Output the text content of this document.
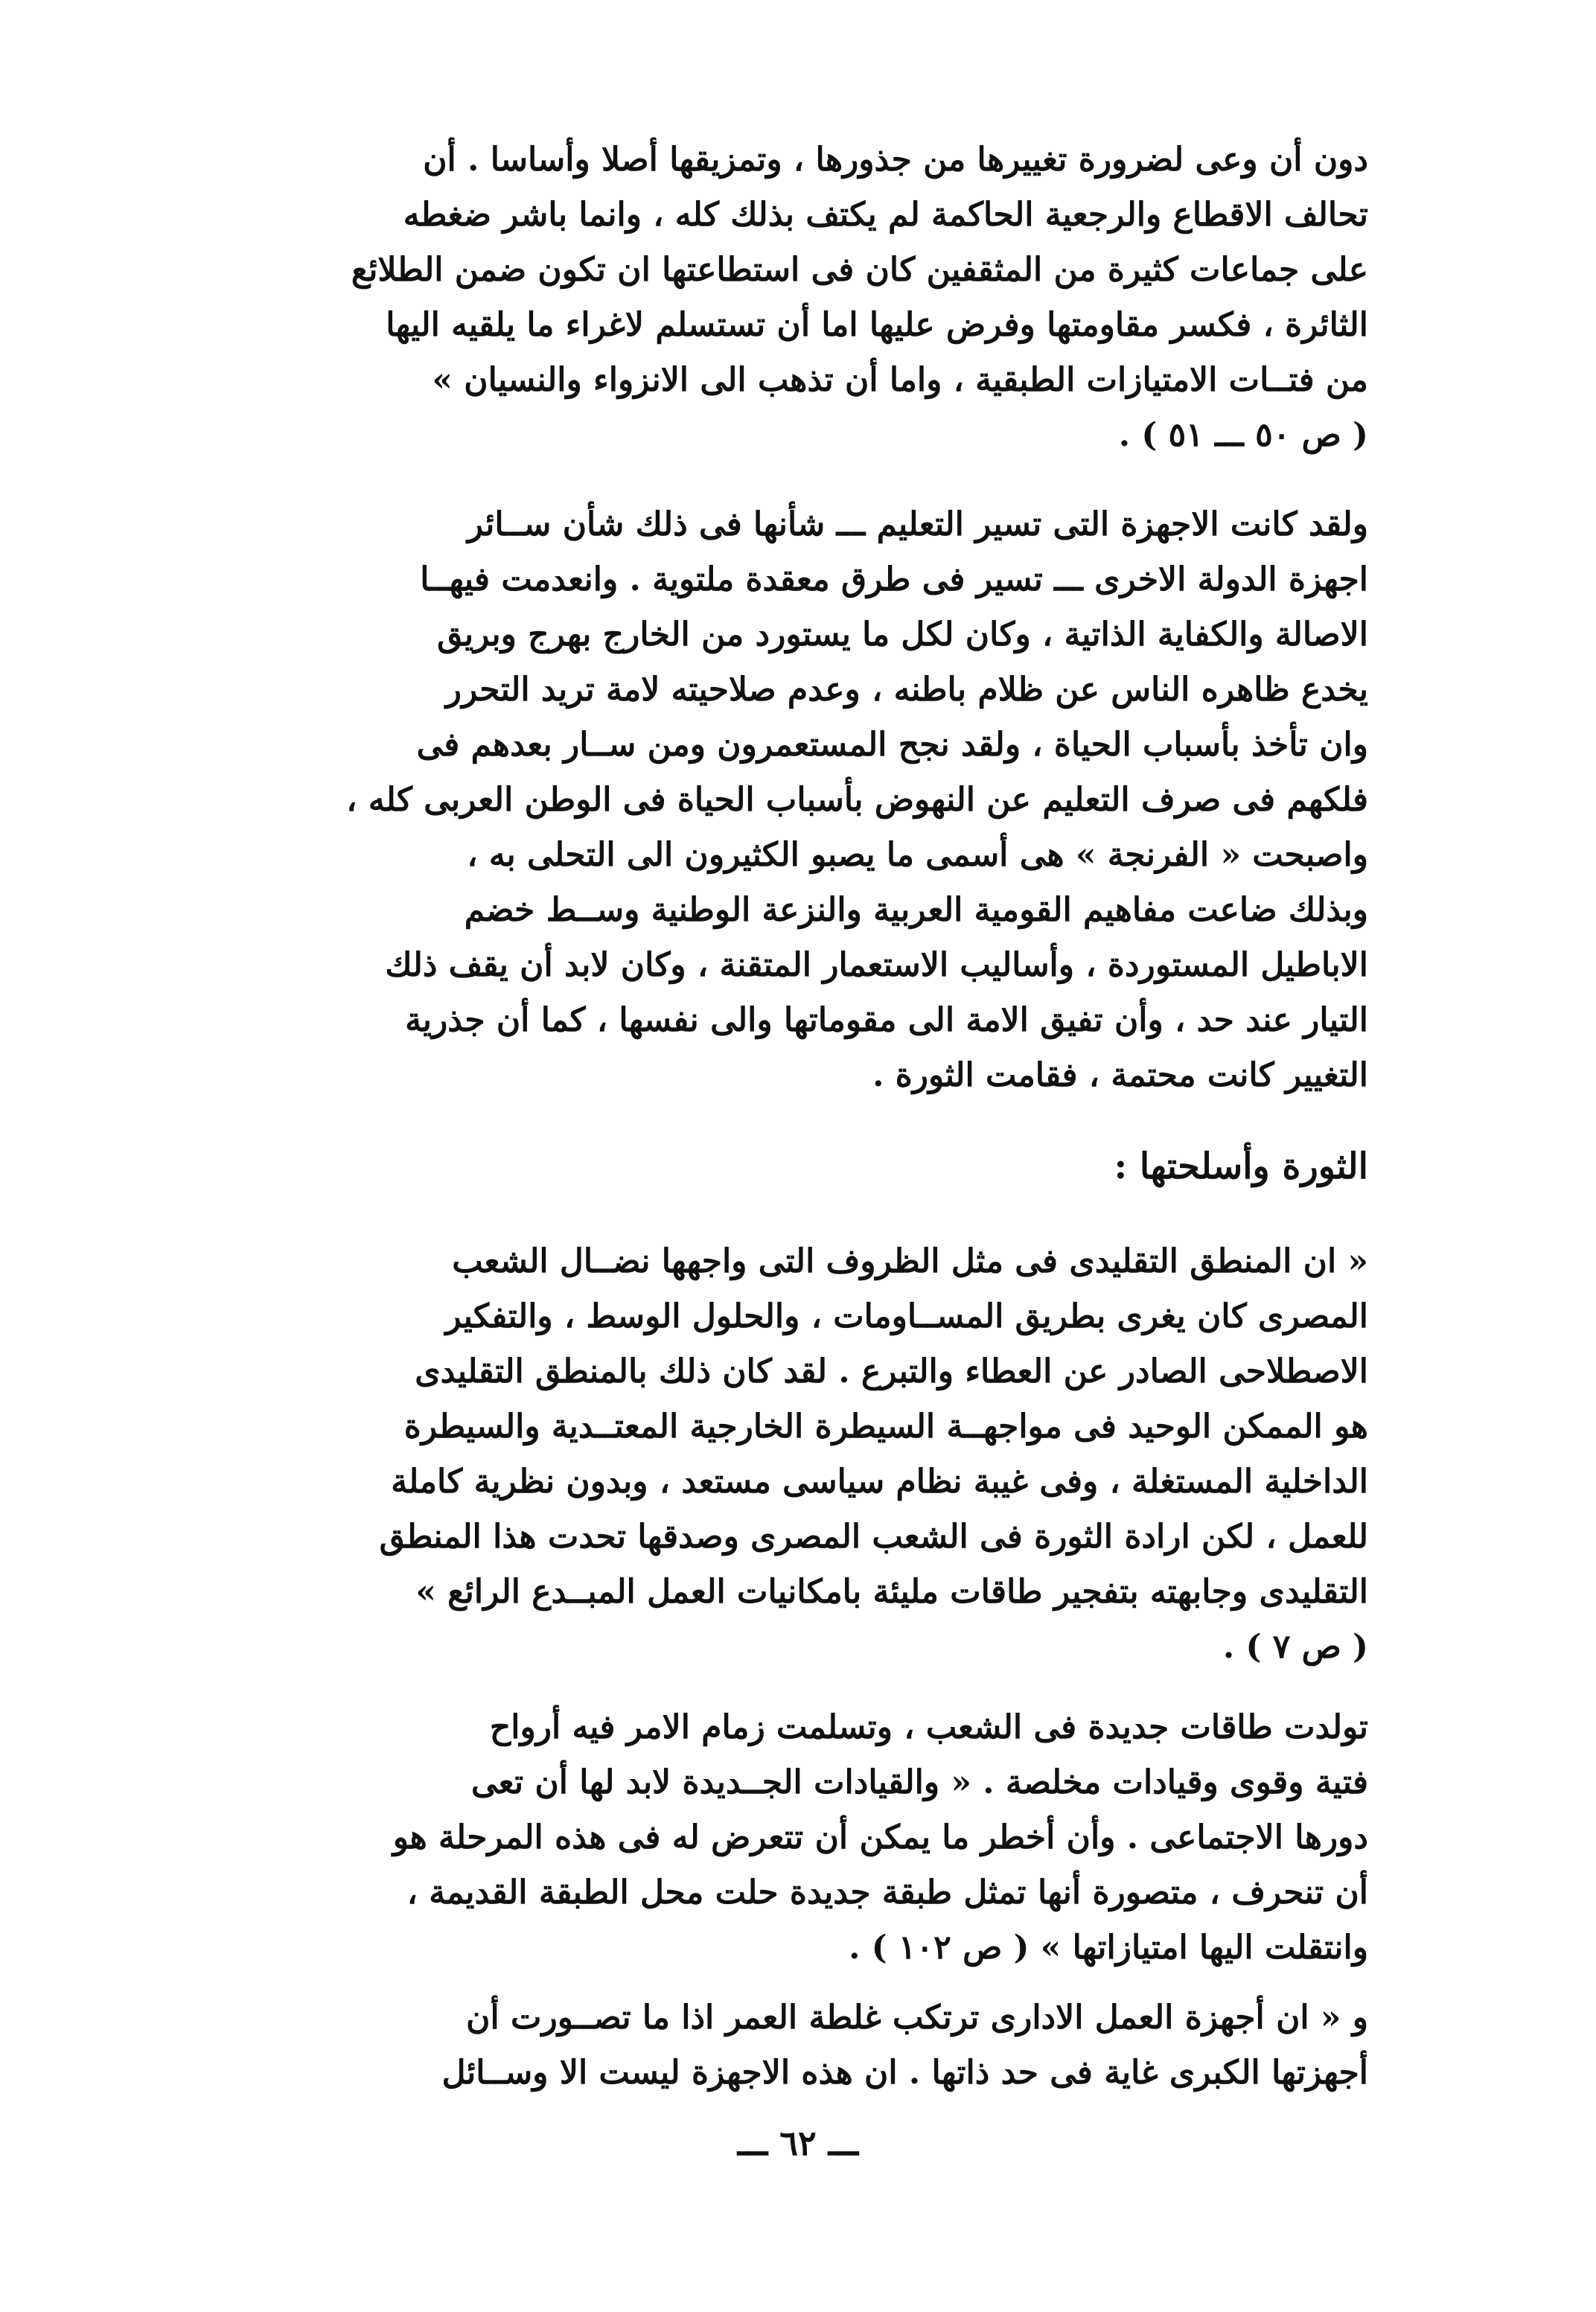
دون أن وعى لضرورة تغييرها من جذورها ، وتمزيقها أصلا وأساسا . أن
تحالف الاقطاع والرجعية الحاكمة لم يكتف بذلك كله ، وانما باشر ضغطه
على جماعات كثيرة من المثقفين كان فى استطاعتها ان تكون ضمن الطلائع
الثائرة ، فكسر مقاومتها وفرض عليها اما أن تستسلم لاغراء ما يلقيه اليها
من فتــات الامتيازات الطبقية ، واما أن تذهب الى الانزواء والنسيان »
( ص ٥٠ ـــ ٥١ ) .
ولقد كانت الاجهزة التى تسير التعليم ـــ شأنها فى ذلك شأن ســائر
اجهزة الدولة الاخرى ـــ تسير فى طرق معقدة ملتوية . وانعدمت فيهــا
الاصالة والكفاية الذاتية ، وكان لكل ما يستورد من الخارج بهرج وبريق
يخدع ظاهره الناس عن ظلام باطنه ، وعدم صلاحيته لامة تريد التحرر
وان تأخذ بأسباب الحياة ، ولقد نجح المستعمرون ومن ســار بعدهم فى
فلكهم فى صرف التعليم عن النهوض بأسباب الحياة فى الوطن العربى كله ،
واصبحت « الفرنجة » هى أسمى ما يصبو الكثيرون الى التحلى به ،
وبذلك ضاعت مفاهيم القومية العربية والنزعة الوطنية وســط خضم
الاباطيل المستوردة ، وأساليب الاستعمار المتقنة ، وكان لابد أن يقف ذلك
التيار عند حد ، وأن تفيق الامة الى مقوماتها والى نفسها ، كما أن جذرية
التغيير كانت محتمة ، فقامت الثورة .
الثورة وأسلحتها :
« ان المنطق التقليدى فى مثل الظروف التى واجهها نضــال الشعب
المصرى كان يغرى بطريق المســاومات ، والحلول الوسط ، والتفكير
الاصطلاحى الصادر عن العطاء والتبرع . لقد كان ذلك بالمنطق التقليدى
هو الممكن الوحيد فى مواجهــة السيطرة الخارجية المعتــدية والسيطرة
الداخلية المستغلة ، وفى غيبة نظام سياسى مستعد ، وبدون نظرية كاملة
للعمل ، لكن ارادة الثورة فى الشعب المصرى وصدقها تحدت هذا المنطق
التقليدى وجابهته بتفجير طاقات مليئة بامكانيات العمل المبــدع الرائع »
( ص ٧ ) .
تولدت طاقات جديدة فى الشعب ، وتسلمت زمام الامر فيه أرواح
فتية وقوى وقيادات مخلصة . « والقيادات الجــديدة لابد لها أن تعى
دورها الاجتماعى . وأن أخطر ما يمكن أن تتعرض له فى هذه المرحلة هو
أن تنحرف ، متصورة أنها تمثل طبقة جديدة حلت محل الطبقة القديمة ،
وانتقلت اليها امتيازاتها » ( ص ١٠٢ ) .
و « ان أجهزة العمل الادارى ترتكب غلطة العمر اذا ما تصــورت أن
أجهزتها الكبرى غاية فى حد ذاتها . ان هذه الاجهزة ليست الا وســائل
ـــ ٦٢ ـــ
